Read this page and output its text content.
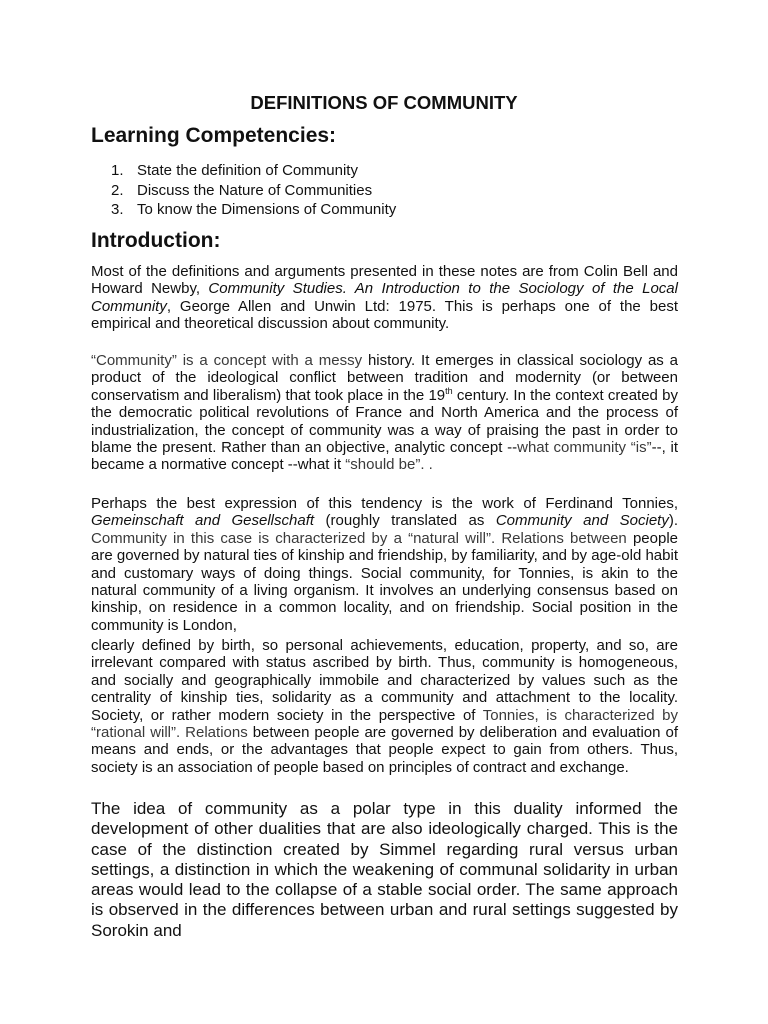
DEFINITIONS OF COMMUNITY
Learning Competencies:
1. State the definition of Community
2. Discuss the Nature of Communities
3. To know the Dimensions of Community
Introduction:

Most of the definitions and arguments presented in these notes are from Colin Bell and Howard Newby, Community Studies. An Introduction to the Sociology of the Local Community, George Allen and Unwin Ltd: 1975. This is perhaps one of the best empirical and theoretical discussion about community.

“Community” is a concept with a messy history. It emerges in classical sociology as a product of the ideological conflict between tradition and modernity (or between conservatism and liberalism) that took place in the 19th century. In the context created by the democratic political revolutions of France and North America and the process of industrialization, the concept of community was a way of praising the past in order to blame the present. Rather than an objective, analytic concept --what community “is”--, it became a normative concept --what it “should be”. .

Perhaps the best expression of this tendency is the work of Ferdinand Tonnies, Gemeinschaft and Gesellschaft (roughly translated as Community and Society). Community in this case is characterized by a “natural will”. Relations between people are governed by natural ties of kinship and friendship, by familiarity, and by age-old habit and customary ways of doing things. Social community, for Tonnies, is akin to the natural community of a living organism. It involves an underlying consensus based on kinship, on residence in a common locality, and on friendship. Social position in the community is London,

clearly defined by birth, so personal achievements, education, property, and so, are irrelevant compared with status ascribed by birth. Thus, community is homogeneous, and socially and geographically immobile and characterized by values such as the centrality of kinship ties, solidarity as a community and attachment to the locality. Society, or rather modern society in the perspective of Tonnies, is characterized by “rational will”. Relations between people are governed by deliberation and evaluation of means and ends, or the advantages that people expect to gain from others. Thus, society is an association of people based on principles of contract and exchange.

The idea of community as a polar type in this duality informed the development of other dualities that are also ideologically charged. This is the case of the distinction created by Simmel regarding rural versus urban settings, a distinction in which the weakening of communal solidarity in urban areas would lead to the collapse of a stable social order. The same approach is observed in the differences between urban and rural settings suggested by Sorokin and
